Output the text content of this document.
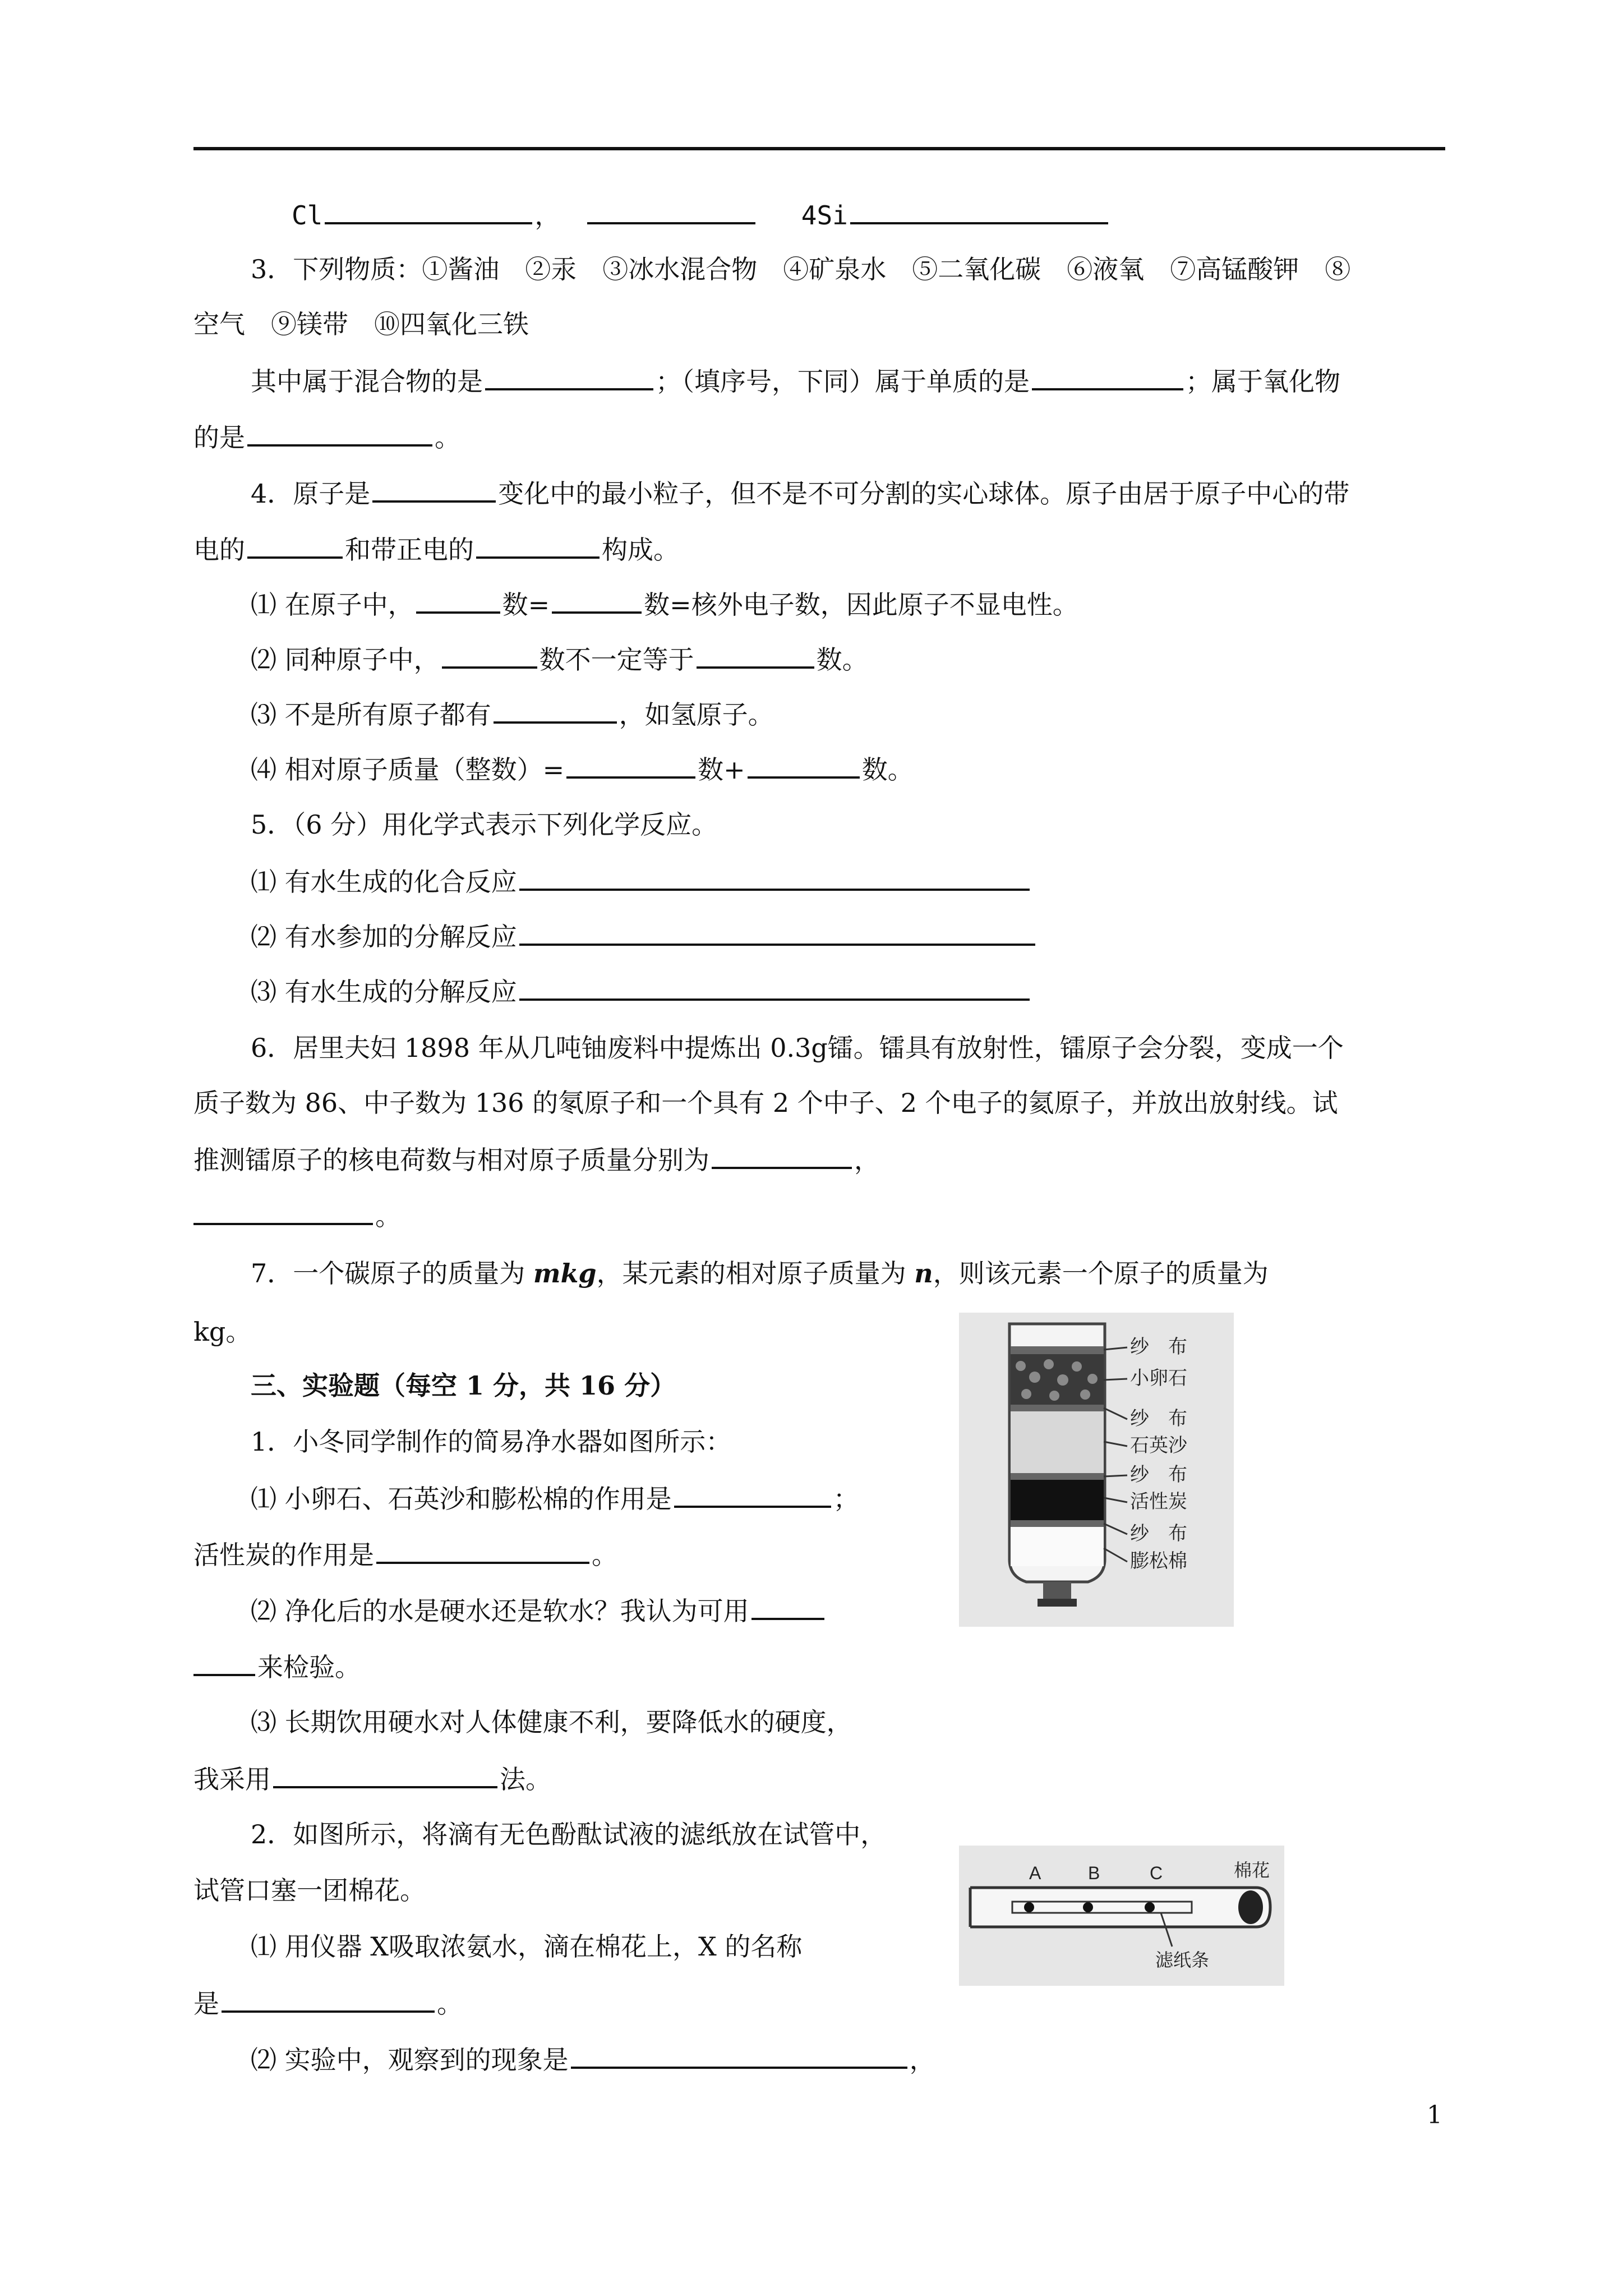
Cl	，	4Si
3．下列物质：①酱油　②汞　③冰水混合物　④矿泉水　⑤二氧化碳　⑥液氧　⑦高锰酸钾　⑧
空气　⑨镁带　⑩四氧化三铁
其中属于混合物的是	；（填序号，下同）属于单质的是	；属于氧化物
的是	。
4．原子是	变化中的最小粒子，但不是不可分割的实心球体。原子由居于原子中心的带
电的	和带正电的	构成。
⑴ 在原子中，	数=	数=核外电子数，因此原子不显电性。
⑵ 同种原子中，	数不一定等于	数。
⑶ 不是所有原子都有	，如氢原子。
⑷ 相对原子质量（整数）=	数+	数。
5．（6 分）用化学式表示下列化学反应。
⑴ 有水生成的化合反应
⑵ 有水参加的分解反应
⑶ 有水生成的分解反应
6．居里夫妇 1898 年从几吨铀废料中提炼出 0.3g镭。镭具有放射性，镭原子会分裂，变成一个
质子数为 86、中子数为 136 的氡原子和一个具有 2 个中子、2 个电子的氦原子，并放出放射线。试
推测镭原子的核电荷数与相对原子质量分别为	，
。
7．一个碳原子的质量为 mkg，某元素的相对原子质量为 n，则该元素一个原子的质量为
kg。
三、实验题（每空 1 分，共 16 分）
1．小冬同学制作的简易净水器如图所示：
⑴ 小卵石、石英沙和膨松棉的作用是	；
活性炭的作用是	。
⑵ 净化后的水是硬水还是软水？我认为可用
来检验。
⑶ 长期饮用硬水对人体健康不利，要降低水的硬度，
我采用	法。
2．如图所示，将滴有无色酚酞试液的滤纸放在试管中，
试管口塞一团棉花。
⑴ 用仪器 X吸取浓氨水，滴在棉花上，X 的名称
是	。
⑵ 实验中，观察到的现象是	，
纱　布
小卵石
纱　布
石英沙
纱　布
活性炭
纱　布
膨松棉
A	B	C	棉花
滤纸条
1
